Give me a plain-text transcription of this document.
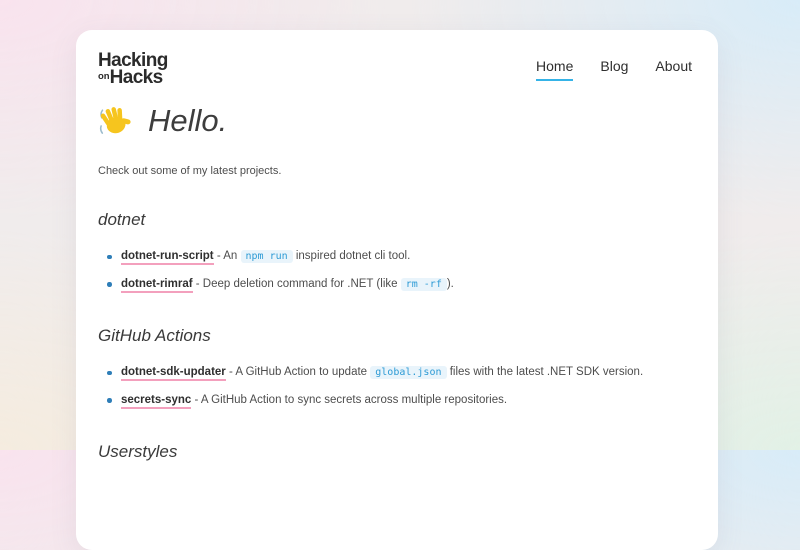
Hacking
$^{on}$Hacks
Home Blog About
Hello.

Check out some of my latest projects.

dotnet
dotnet-run-script - An npm run inspired dotnet cli tool.
dotnet-rimraf - Deep deletion command for .NET (like rm -rf ).
GitHub Actions
dotnet-sdk-updater - A GitHub Action to update global.json files with the latest .NET SDK version.
secrets-sync - A GitHub Action to sync secrets across multiple repositories.
Userstyles
